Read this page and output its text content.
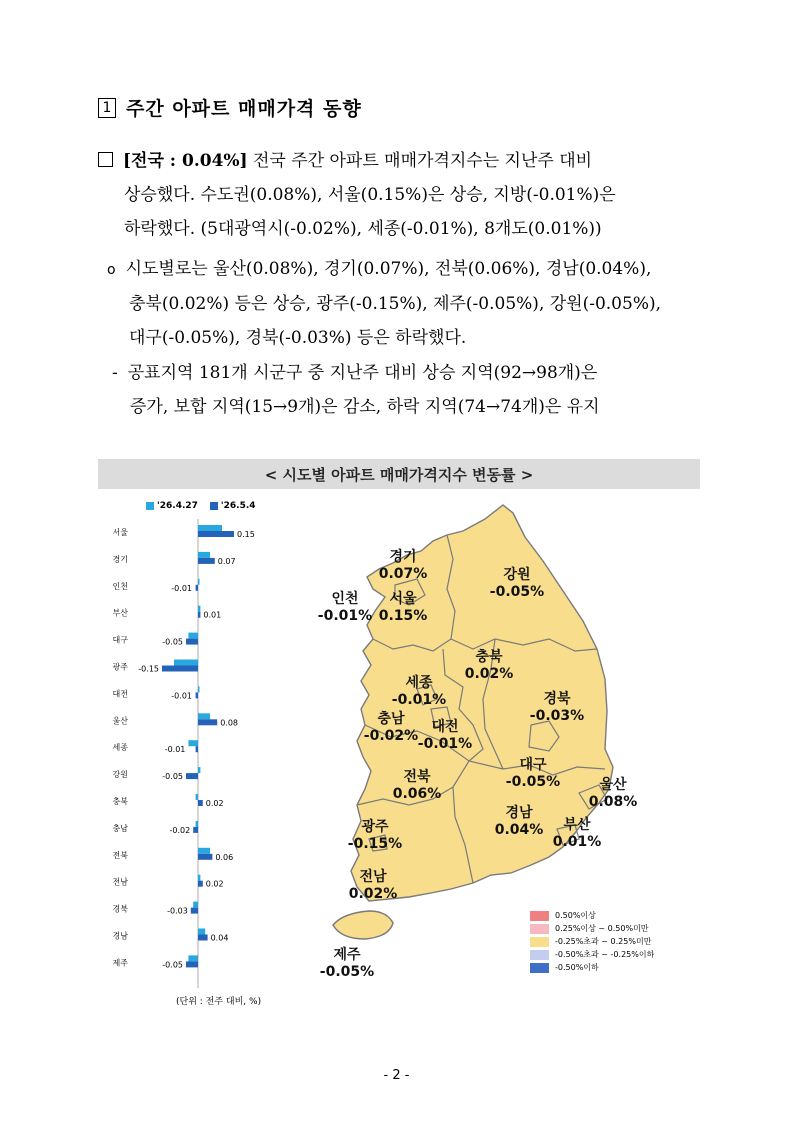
1 주간 아파트 매매가격 동향
[전국 : 0.04%] 전국 주간 아파트 매매가격지수는 지난주 대비
상승했다. 수도권(0.08%), 서울(0.15%)은 상승, 지방(-0.01%)은
하락했다. (5대광역시(-0.02%), 세종(-0.01%), 8개도(0.01%))
o 시도별로는 울산(0.08%), 경기(0.07%), 전북(0.06%), 경남(0.04%),
충북(0.02%) 등은 상승, 광주(-0.15%), 제주(-0.05%), 강원(-0.05%),
대구(-0.05%), 경북(-0.03%) 등은 하락했다.
- 공표지역 181개 시군구 중 지난주 대비 상승 지역(92→98개)은
증가, 보합 지역(15→9개)은 감소, 하락 지역(74→74개)은 유지
< 시도별 아파트 매매가격지수 변동률 >
'26.4.27	'26.5.4
서울	0.15
경기	0.07
인천	-0.01
부산	0.01
대구	-0.05
광주 -0.15
대전	-0.01
울산	0.08
세종	-0.01
강원	-0.05
충북	0.02
충남	-0.02
전북	0.06
전남	0.02
경북	-0.03
경남	0.04
제주	-0.05
(단위 : 전주 대비, %)
경기
0.07%	강원
-0.05%
인천
-0.01%
서울
0.15%
충북
0.02%
세종
-0.01%	경북
-0.03%
충남
-0.02%
대전
-0.01%
전북
0.06%
대구
-0.05%	울산
0.08%
경남
0.04% 부산
0.01%
광주
-0.15%
전남
0.02%
제주
-0.05%
0.50%이상
0.25%이상 ~ 0.50%미만
-0.25%초과 ~ 0.25%미만
-0.50%초과 ~ -0.25%이하
-0.50%이하
- 2 -
